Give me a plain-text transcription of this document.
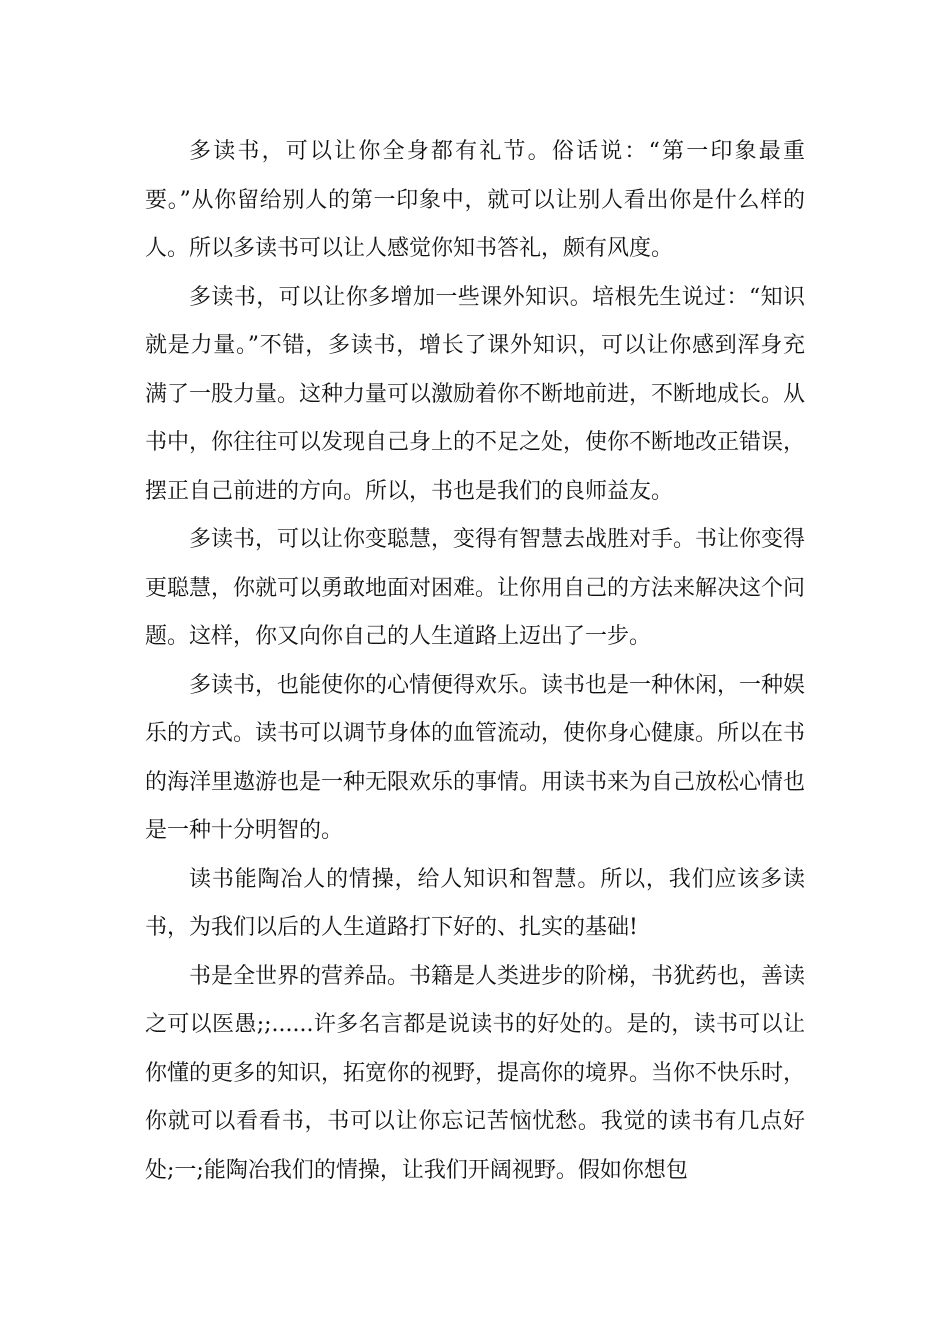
多读书，可以让你全身都有礼节。俗话说：“第一印象最重要。”从你留给别人的第一印象中，就可以让别人看出你是什么样的人。所以多读书可以让人感觉你知书答礼，颇有风度。

多读书，可以让你多增加一些课外知识。培根先生说过：“知识就是力量。”不错，多读书，增长了课外知识，可以让你感到浑身充满了一股力量。这种力量可以激励着你不断地前进，不断地成长。从书中，你往往可以发现自己身上的不足之处，使你不断地改正错误，摆正自己前进的方向。所以，书也是我们的良师益友。

多读书，可以让你变聪慧，变得有智慧去战胜对手。书让你变得更聪慧，你就可以勇敢地面对困难。让你用自己的方法来解决这个问题。这样，你又向你自己的人生道路上迈出了一步。

多读书，也能使你的心情便得欢乐。读书也是一种休闲，一种娱乐的方式。读书可以调节身体的血管流动，使你身心健康。所以在书的海洋里遨游也是一种无限欢乐的事情。用读书来为自己放松心情也是一种十分明智的。

读书能陶冶人的情操，给人知识和智慧。所以，我们应该多读书，为我们以后的人生道路打下好的、扎实的基础!

书是全世界的营养品。书籍是人类进步的阶梯，书犹药也，善读之可以医愚;;......许多名言都是说读书的好处的。是的，读书可以让你懂的更多的知识，拓宽你的视野，提高你的境界。当你不快乐时，你就可以看看书，书可以让你忘记苦恼忧愁。我觉的读书有几点好处;一;能陶冶我们的情操，让我们开阔视野。假如你想包
